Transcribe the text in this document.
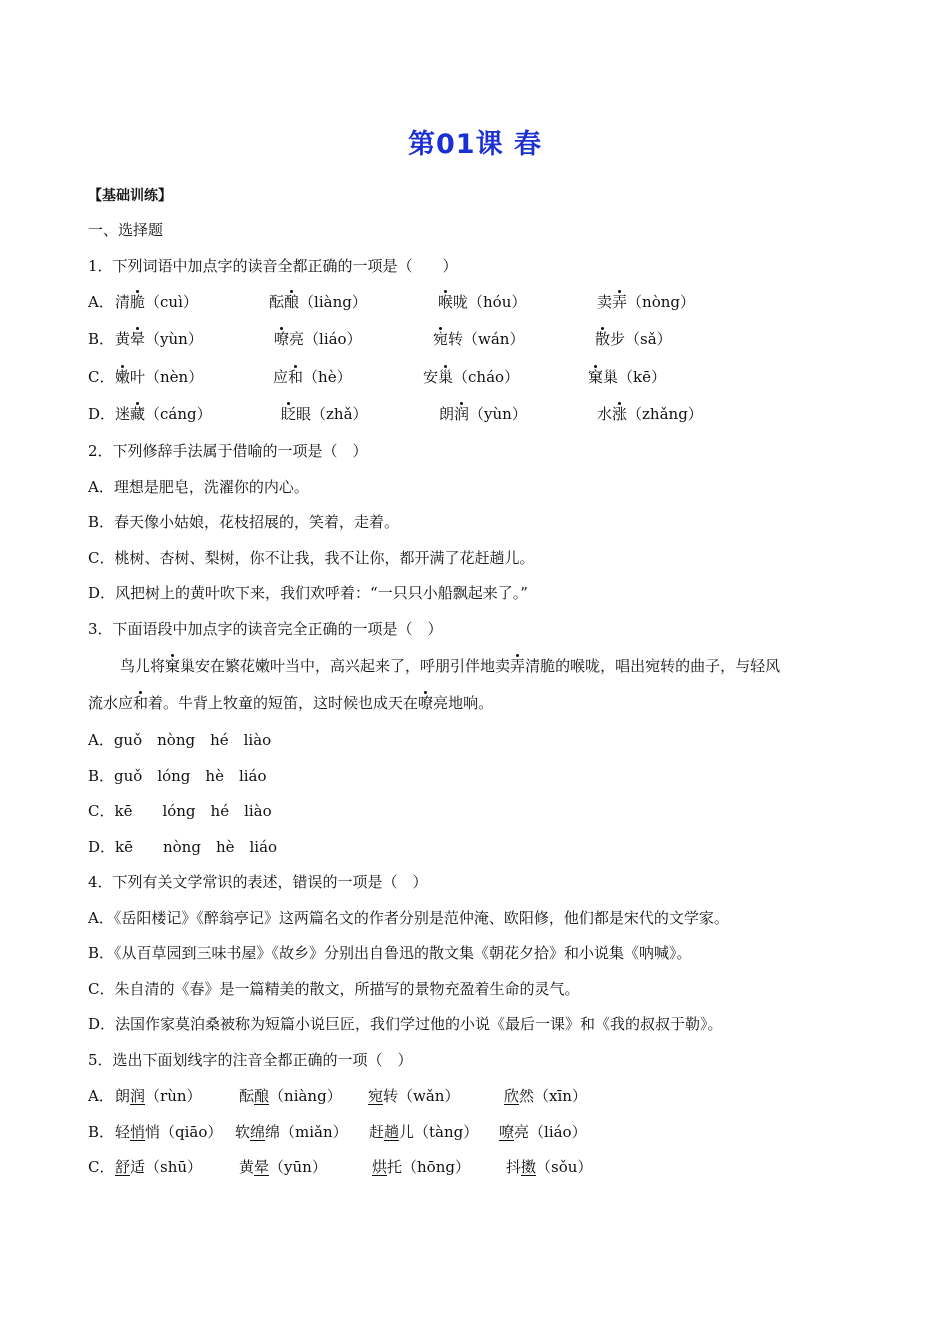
第01课 春
【基础训练】
一、选择题
1．下列词语中加点字的读音全都正确的一项是（　　）
A． 清脆（cuì）	酝酿（liàng）	喉咙（hóu）	卖弄（nòng）
B． 黄晕（yùn）	嘹亮（liáo）	宛转（wán）	散步（sǎ）
C． 嫩叶（nèn）	应和（hè）	安巢（cháo）	窠巢（kē）
D． 迷藏（cáng）	眨眼（zhǎ）	朗润（yùn）	水涨（zhǎng）
2．下列修辞手法属于借喻的一项是（　）
A．理想是肥皂，洗濯你的内心。
B．春天像小姑娘，花枝招展的，笑着，走着。
C．桃树、杏树、梨树，你不让我，我不让你，都开满了花赶趟儿。
D．风把树上的黄叶吹下来，我们欢呼着：“一只只小船飘起来了。”
3．下面语段中加点字的读音完全正确的一项是（　）
鸟儿将窠巢安在繁花嫩叶当中，高兴起来了，呼朋引伴地卖弄清脆的喉咙，唱出宛转的曲子，与轻风
流水应和着。牛背上牧童的短笛，这时候也成天在嘹亮地响。
A．guǒ　nòng　hé　liào
B．guǒ　lóng　hè　liáo
C．kē　　lóng　hé　liào
D．kē　　nòng　hè　liáo
4．下列有关文学常识的表述，错误的一项是（　）
A．《岳阳楼记》《醉翁亭记》这两篇名文的作者分别是范仲淹、欧阳修，他们都是宋代的文学家。
B．《从百草园到三味书屋》《故乡》分别出自鲁迅的散文集《朝花夕拾》和小说集《呐喊》。
C．朱自清的《春》是一篇精美的散文，所描写的景物充盈着生命的灵气。
D．法国作家莫泊桑被称为短篇小说巨匠，我们学过他的小说《最后一课》和《我的叔叔于勒》。
5．选出下面划线字的注音全都正确的一项（　）
A． 朗润（rùn） 酝酿（niàng） 宛转（wǎn）	欣然（xīn）
B． 轻悄悄（qiāo） 软绵绵（miǎn） 赶趟儿（tàng） 嘹亮（liáo）
C． 舒适（shū） 黄晕（yūn）	烘托（hōng） 抖擞（sǒu）
